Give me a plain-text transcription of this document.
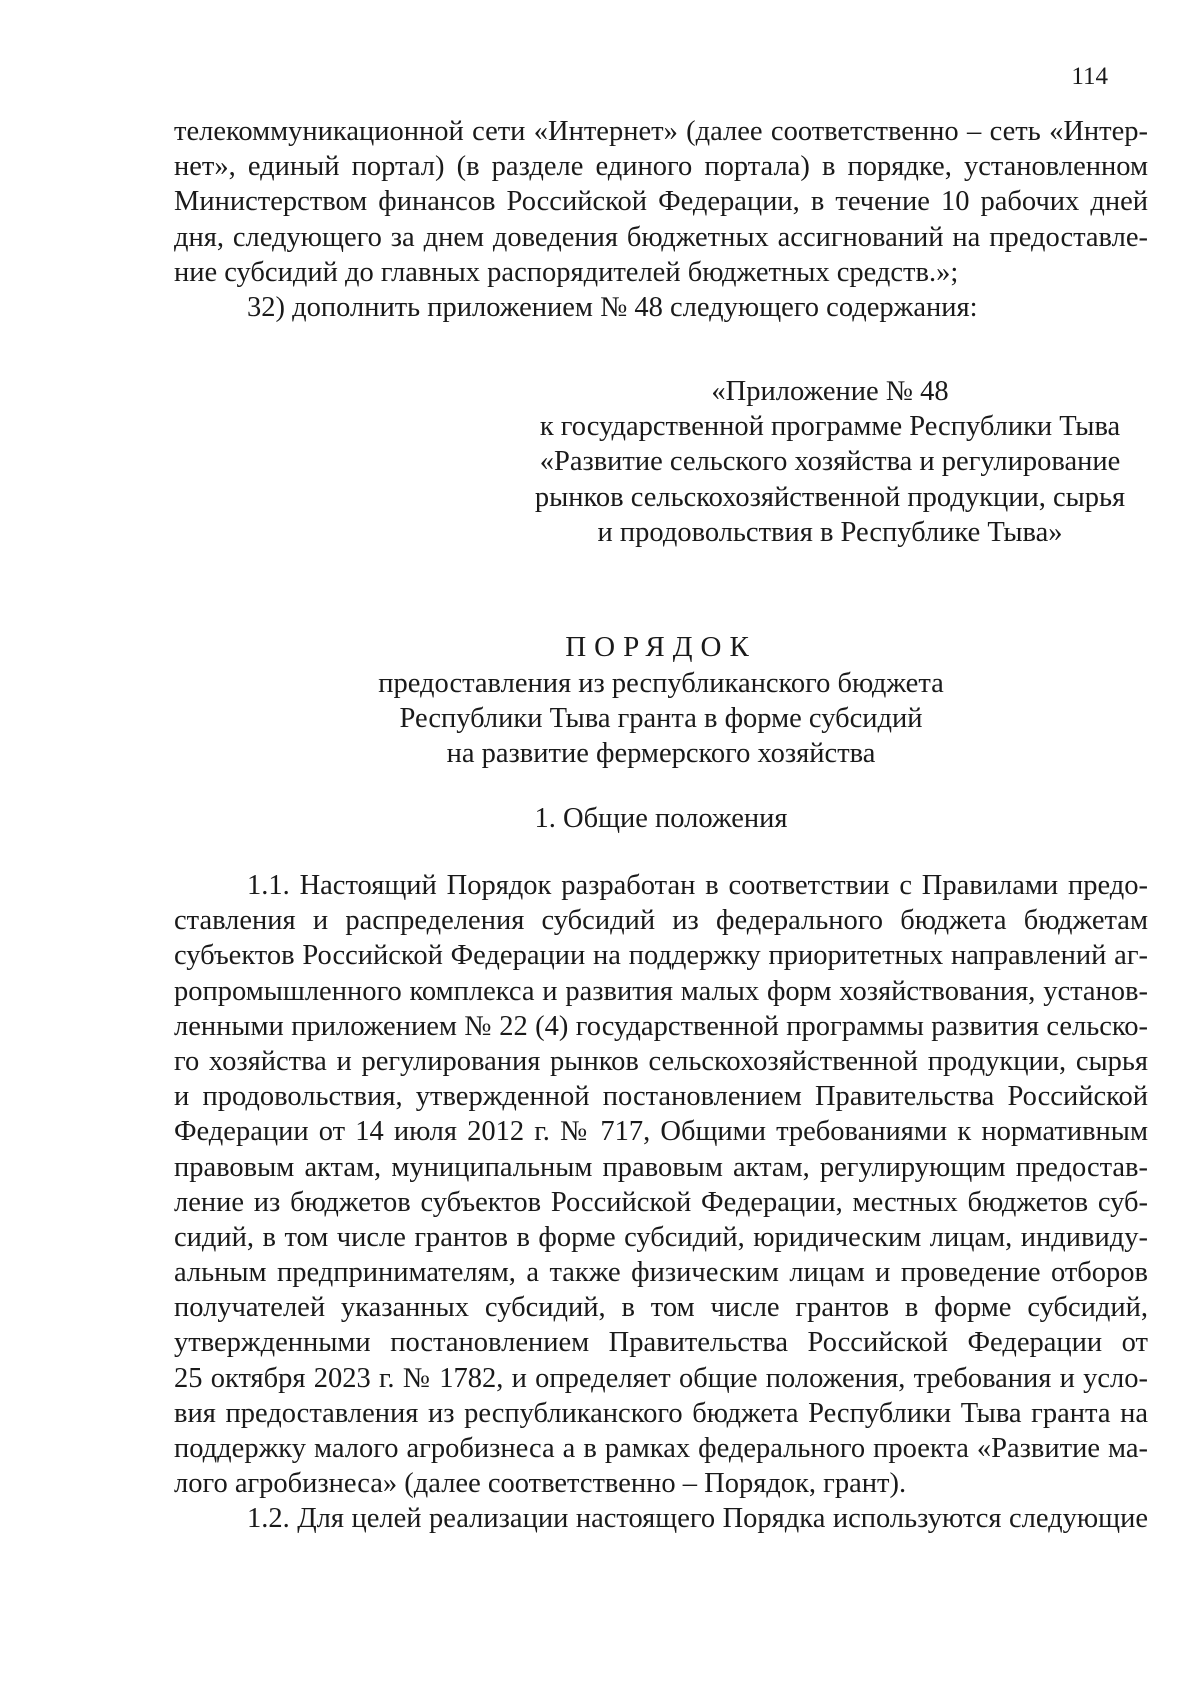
114
телекоммуникационной сети «Интернет» (далее соответственно – сеть «Интер-
нет», единый портал) (в разделе единого портала) в порядке, установленном
Министерством финансов Российской Федерации, в течение 10 рабочих дней
дня, следующего за днем доведения бюджетных ассигнований на предоставле-
ние субсидий до главных распорядителей бюджетных средств.»;
32) дополнить приложением № 48 следующего содержания:
«Приложение № 48
к государственной программе Республики Тыва
«Развитие сельского хозяйства и регулирование
рынков сельскохозяйственной продукции, сырья
и продовольствия в Республике Тыва»
ПОРЯДОК
предоставления из республиканского бюджета
Республики Тыва гранта в форме субсидий
на развитие фермерского хозяйства
1. Общие положения
1.1. Настоящий Порядок разработан в соответствии с Правилами предо-
ставления и распределения субсидий из федерального бюджета бюджетам
субъектов Российской Федерации на поддержку приоритетных направлений аг-
ропромышленного комплекса и развития малых форм хозяйствования, установ-
ленными приложением № 22 (4) государственной программы развития сельско-
го хозяйства и регулирования рынков сельскохозяйственной продукции, сырья
и продовольствия, утвержденной постановлением Правительства Российской
Федерации от 14 июля 2012 г. № 717, Общими требованиями к нормативным
правовым актам, муниципальным правовым актам, регулирующим предостав-
ление из бюджетов субъектов Российской Федерации, местных бюджетов суб-
сидий, в том числе грантов в форме субсидий, юридическим лицам, индивиду-
альным предпринимателям, а также физическим лицам и проведение отборов
получателей указанных субсидий, в том числе грантов в форме субсидий,
утвержденными постановлением Правительства Российской Федерации от
25 октября 2023 г. № 1782, и определяет общие положения, требования и усло-
вия предоставления из республиканского бюджета Республики Тыва гранта на
поддержку малого агробизнеса а в рамках федерального проекта «Развитие ма-
лого агробизнеса» (далее соответственно – Порядок, грант).
1.2. Для целей реализации настоящего Порядка используются следующие
